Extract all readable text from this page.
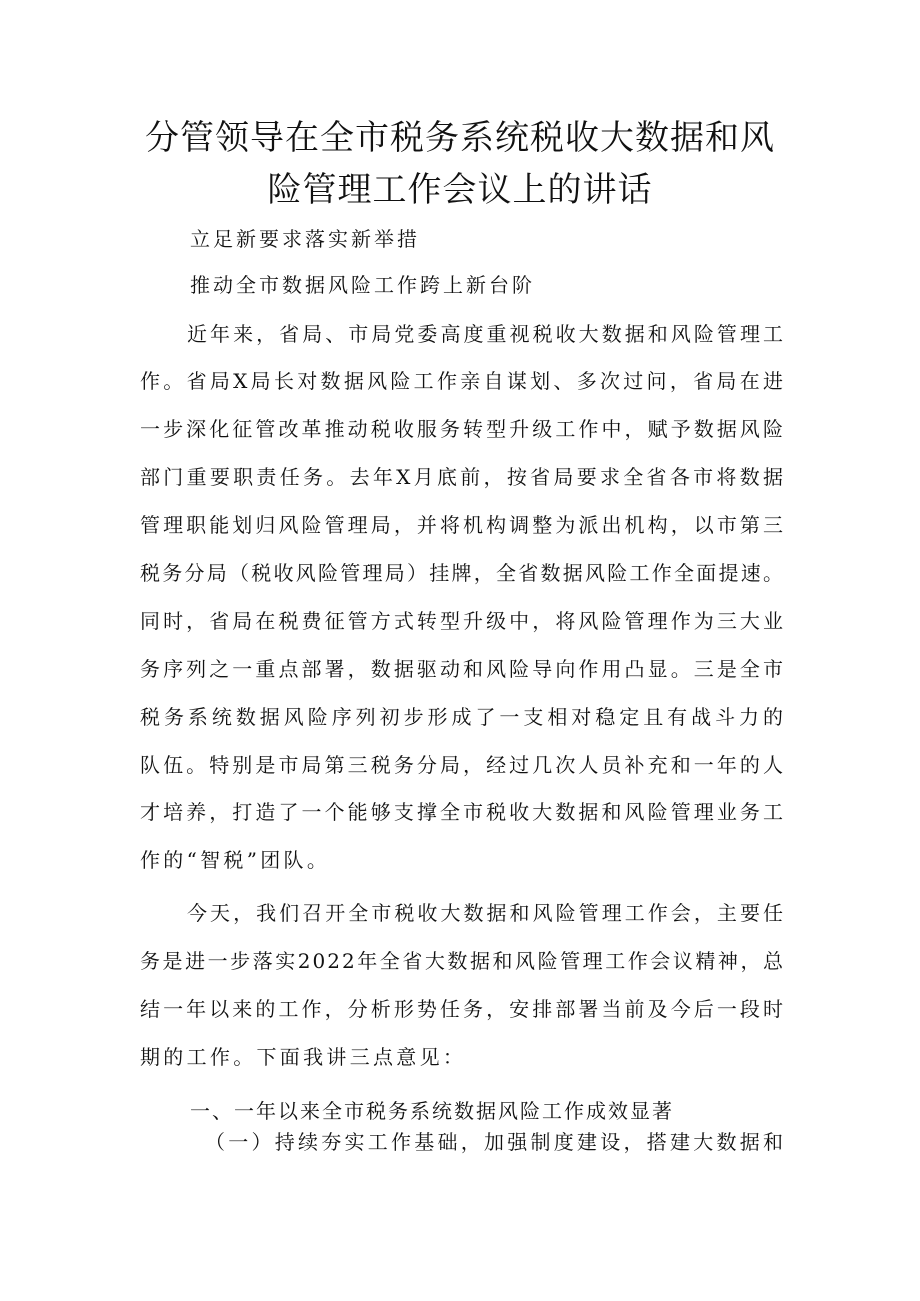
分管领导在全市税务系统税收大数据和风
险管理工作会议上的讲话
立足新要求落实新举措
推动全市数据风险工作跨上新台阶
近年来，省局、市局党委高度重视税收大数据和风险管理工
作。省局X局长对数据风险工作亲自谋划、多次过问，省局在进
一步深化征管改革推动税收服务转型升级工作中，赋予数据风险
部门重要职责任务。去年X月底前，按省局要求全省各市将数据
管理职能划归风险管理局，并将机构调整为派出机构，以市第三
税务分局（税收风险管理局）挂牌，全省数据风险工作全面提速。
同时，省局在税费征管方式转型升级中，将风险管理作为三大业
务序列之一重点部署，数据驱动和风险导向作用凸显。三是全市
税务系统数据风险序列初步形成了一支相对稳定且有战斗力的
队伍。特别是市局第三税务分局，经过几次人员补充和一年的人
才培养，打造了一个能够支撑全市税收大数据和风险管理业务工
作的“智税”团队。
今天，我们召开全市税收大数据和风险管理工作会，主要任
务是进一步落实2022年全省大数据和风险管理工作会议精神，总
结一年以来的工作，分析形势任务，安排部署当前及今后一段时
期的工作。下面我讲三点意见：
一、一年以来全市税务系统数据风险工作成效显著
（一）持续夯实工作基础，加强制度建设，搭建大数据和
